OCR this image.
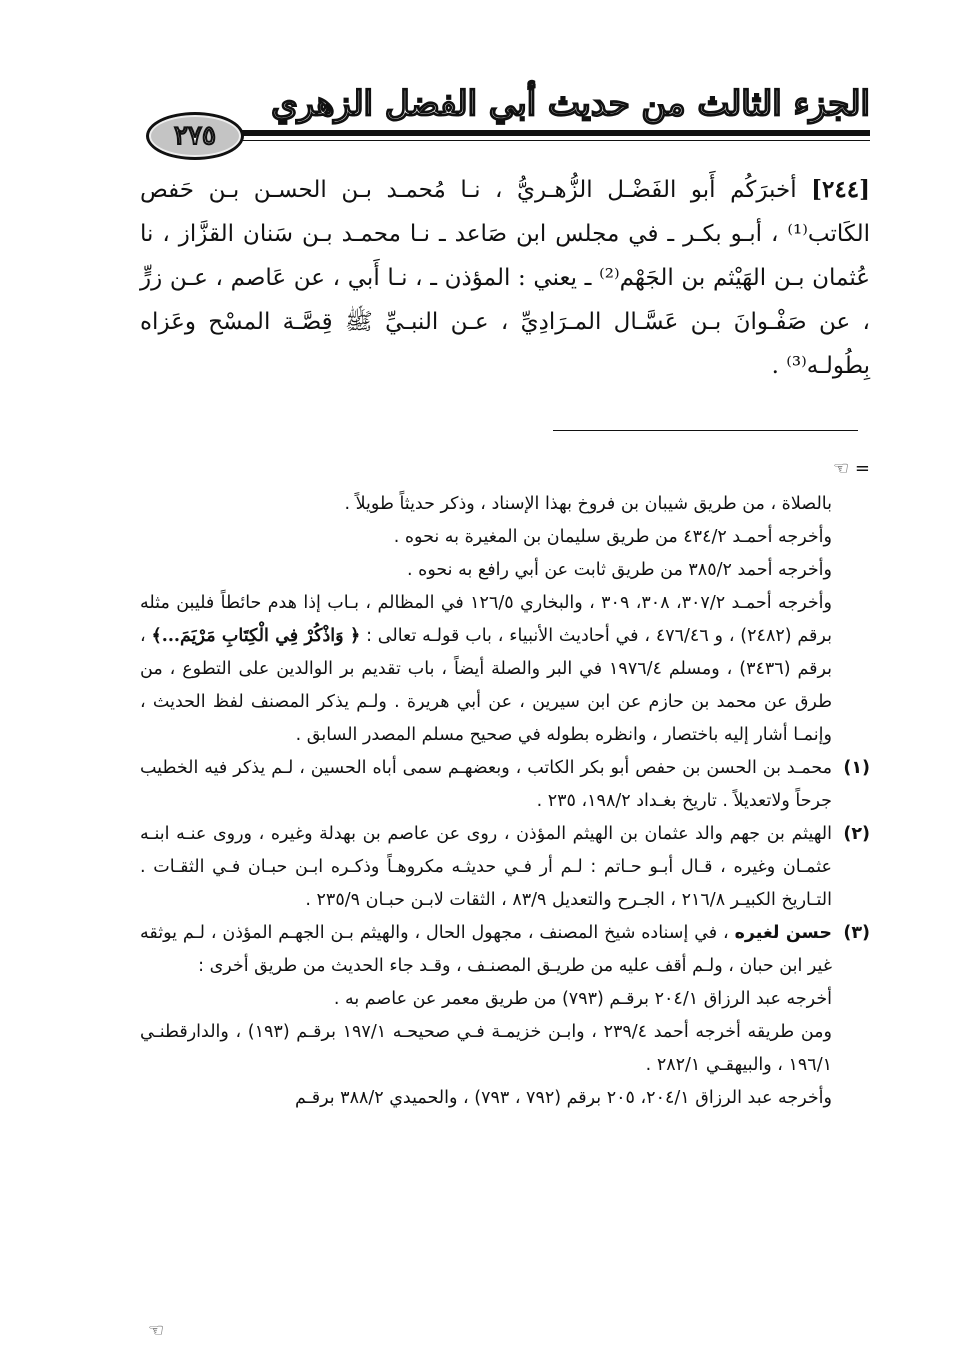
الجزء الثالث من حديث أبي الفضل الزهري
٢٧٥

[٢٤٤] أخبرَكُم أَبو الفَضْـل الزُّهـريُّ ، نـا مُحمـد بـن الحسـن بـن حَفص الكَاتب⁽¹⁾ ، أبـو بكـر ـ في مجلس ابن صَاعد ـ نـا محمـد بـن سَنان القزَّاز ، نا عُثمان بـن الهَيْثم بن الجَهْم⁽²⁾ ـ يعني : المؤذن ـ ، نـا أَبي ، عن عَاصم ، عـن زرٍّ ، عن صَفْـوانَ بـن عَسَّـال المـرَادِيِّ ، عـن النبـيِّ ﷺ قِصَّـة المسْح وعَزاه بِطُولـه⁽³⁾ .

= ☜

بالصلاة ، من طريق شيبان بن فروخ بهذا الإسناد ، وذكر حديثاً طويلاً .

وأخرجه أحمـد ٤٣٤/٢ من طريق سليمان بن المغيرة به نحوه .

وأخرجه أحمد ٣٨٥/٢ من طريق ثابت عن أبي رافع به نحوه .

وأخرجه أحمـد ٣٠٧/٢، ٣٠٨، ٣٠٩ ، والبخاري ١٢٦/٥ في المظالم ، بـاب إذا هدم حائطاً فليبن مثله برقم (٢٤٨٢) ، و ٤٧٦/٤٦ ، في أحاديث الأنبياء ، باب قولـه تعالى : ﴿ وَاذْكُرْ فِي الْكِتَابِ مَرْيَمَ...﴾ ، برقم (٣٤٣٦) ، ومسلم ١٩٧٦/٤ في البر والصلة أيضاً ، باب تقديم بر الوالدين على التطوع ، من طرق عن محمد بن حازم عن ابن سيرين ، عن أبي هريرة . ولـم يذكر المصنف لفظ الحديث ، وإنمـا أشار إليه باختصار ، وانظره بطوله في صحيح مسلم المصدر السابق .

(١)
محمـد بن الحسن بن حفص أبو بكر الكاتب ، وبعضهـم سمى أباه الحسين ، لـم يذكر فيه الخطيب جرحاً ولاتعديلاً . تاريخ بغـداد ١٩٨/٢، ٢٣٥ .

(٢)
الهيثم بن جهم والد عثمان بن الهيثم المؤذن ، روى عن عاصم بن بهدلة وغيره ، وروى عنـه ابنـه عثمـان وغيره ، قـال أبـو حـاتم : لـم أر فـي حديثـه مكروهـاً وذكـره ابـن حبـان فـي الثقـات . التـاريخ الكبيـر ٢١٦/٨ ، الجـرح والتعديل ٨٣/٩ ، الثقات لابـن حبـان ٢٣٥/٩ .

(٣)

حسن لغيره ، في إسناده شيخ المصنف ، مجهول الحال ، والهيثم بـن الجهـم المؤذن ، لـم يوثقه غير ابن حبان ، ولـم أقف عليه من طريـق المصنـف ، وقـد جاء الحديث من طريق أخرى :

أخرجه عبد الرزاق ٢٠٤/١ برقـم (٧٩٣) من طريق معمر عن عاصم به .

ومن طريقه أخرجه أحمد ٢٣٩/٤ ، وابـن خزيمـة فـي صحيحـه ١٩٧/١ برقـم (١٩٣) ، والدارقطنـي ١٩٦/١ ، والبيهقـي ٢٨٢/١ .

وأخرجه عبد الرزاق ٢٠٤/١، ٢٠٥ برقم (٧٩٢ ، ٧٩٣) ، والحميدي ٣٨٨/٢ برقـم

☜
